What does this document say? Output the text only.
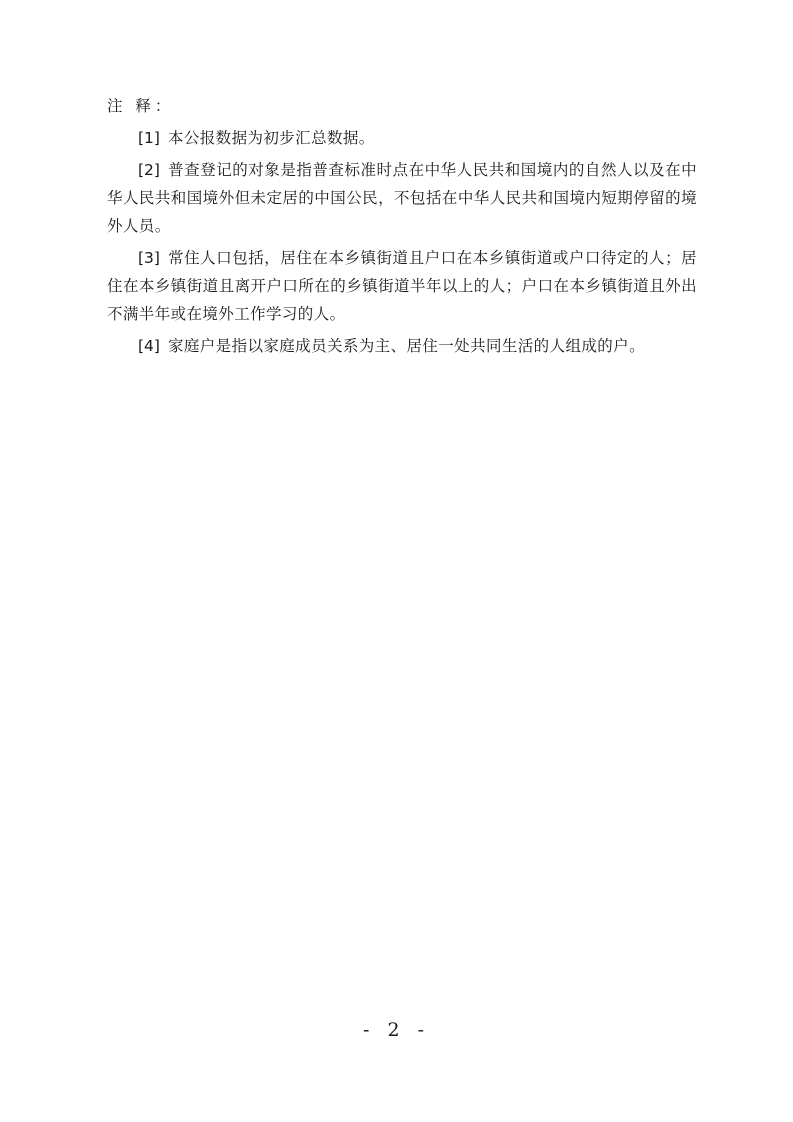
注 释：

[1] 本公报数据为初步汇总数据。

[2] 普查登记的对象是指普查标准时点在中华人民共和国境内的自然人以及在中华人民共和国境外但未定居的中国公民，不包括在中华人民共和国境内短期停留的境外人员。

[3] 常住人口包括，居住在本乡镇街道且户口在本乡镇街道或户口待定的人；居住在本乡镇街道且离开户口所在的乡镇街道半年以上的人；户口在本乡镇街道且外出不满半年或在境外工作学习的人。

[4] 家庭户是指以家庭成员关系为主、居住一处共同生活的人组成的户。

- 2 -
